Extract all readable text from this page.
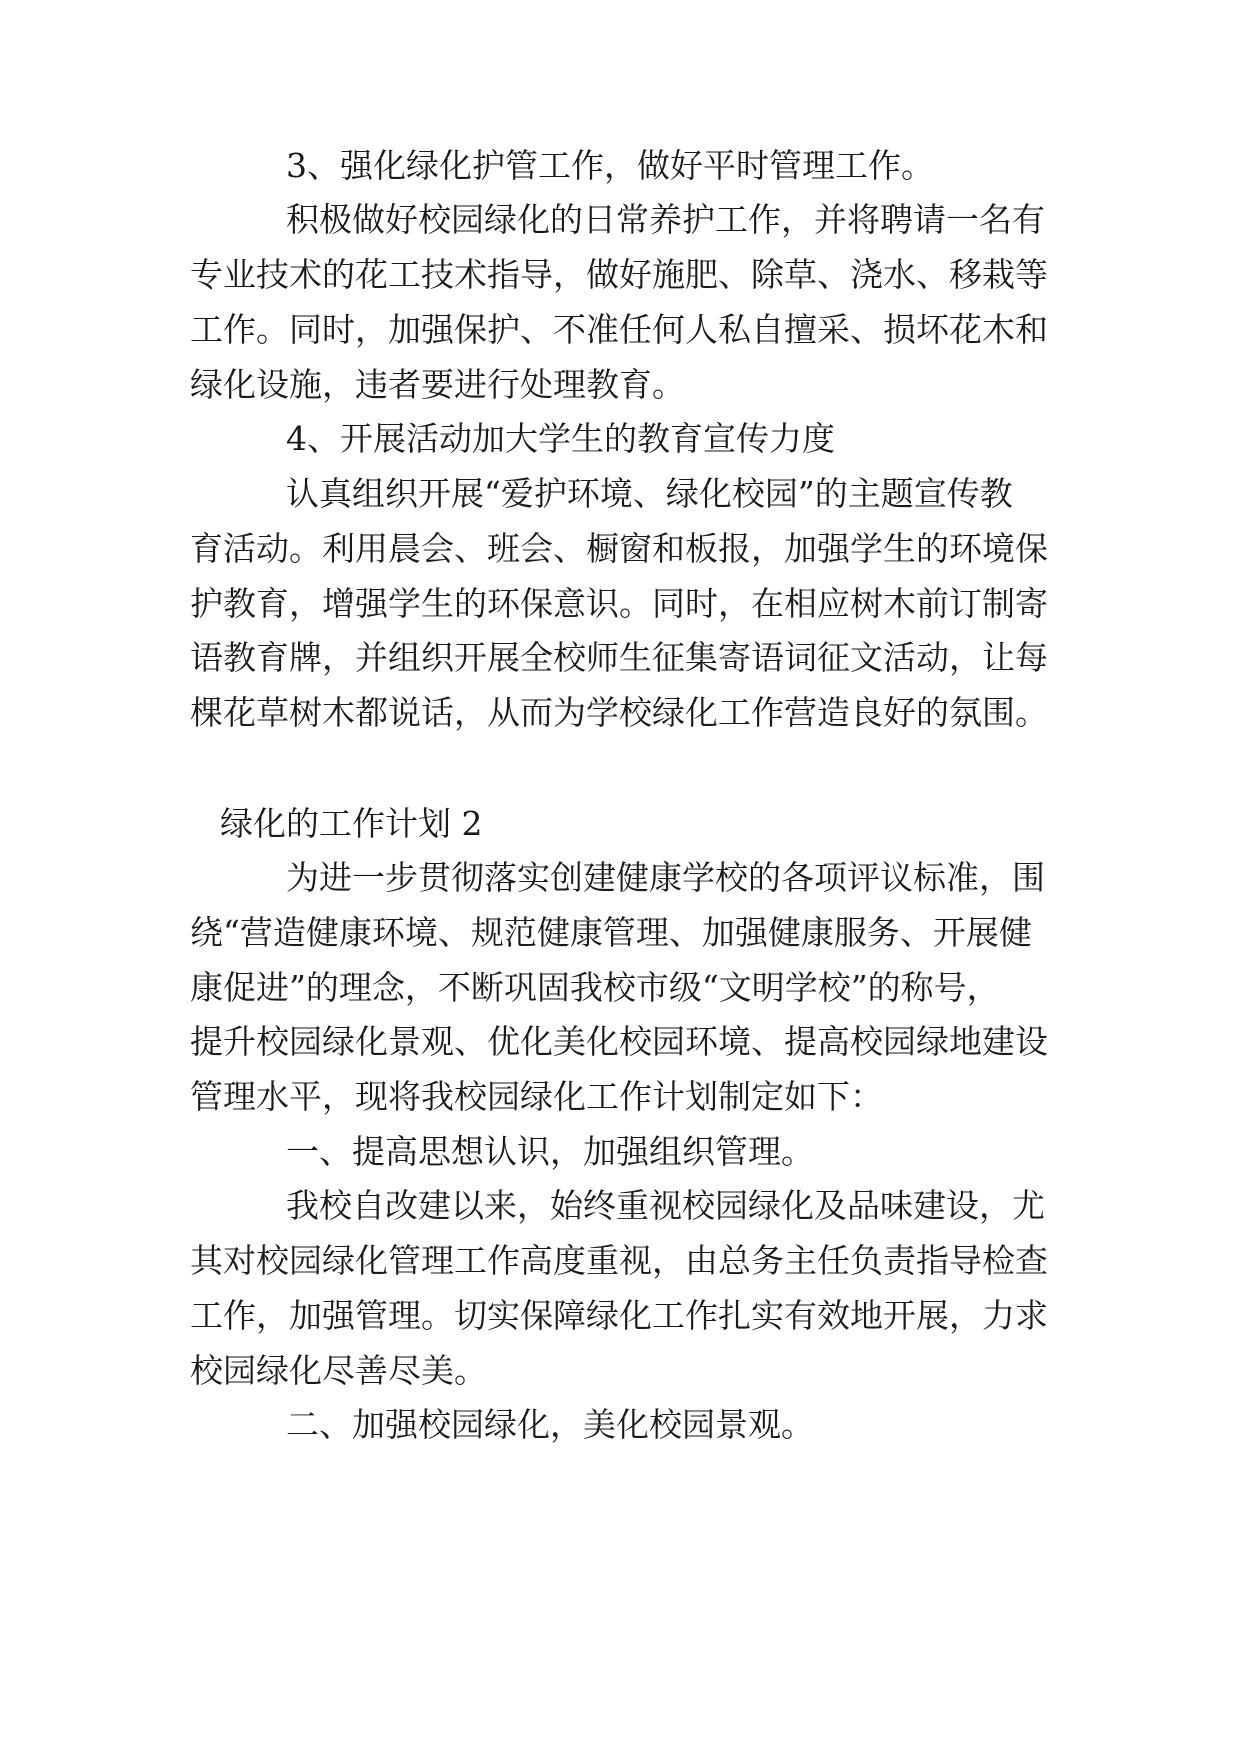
3、强化绿化护管工作，做好平时管理工作。

积极做好校园绿化的日常养护工作，并将聘请一名有

专业技术的花工技术指导，做好施肥、除草、浇水、移栽等

工作。同时，加强保护、不准任何人私自擅采、损坏花木和

绿化设施，违者要进行处理教育。

4、开展活动加大学生的教育宣传力度

认真组织开展“爱护环境、绿化校园”的主题宣传教

育活动。利用晨会、班会、橱窗和板报，加强学生的环境保

护教育，增强学生的环保意识。同时，在相应树木前订制寄

语教育牌，并组织开展全校师生征集寄语词征文活动，让每

棵花草树木都说话，从而为学校绿化工作营造良好的氛围。

绿化的工作计划 2

为进一步贯彻落实创建健康学校的各项评议标准，围

绕“营造健康环境、规范健康管理、加强健康服务、开展健

康促进”的理念，不断巩固我校市级“文明学校”的称号，

提升校园绿化景观、优化美化校园环境、提高校园绿地建设

管理水平，现将我校园绿化工作计划制定如下：

一、提高思想认识，加强组织管理。

我校自改建以来，始终重视校园绿化及品味建设，尤

其对校园绿化管理工作高度重视，由总务主任负责指导检查

工作，加强管理。切实保障绿化工作扎实有效地开展，力求

校园绿化尽善尽美。

二、加强校园绿化，美化校园景观。
